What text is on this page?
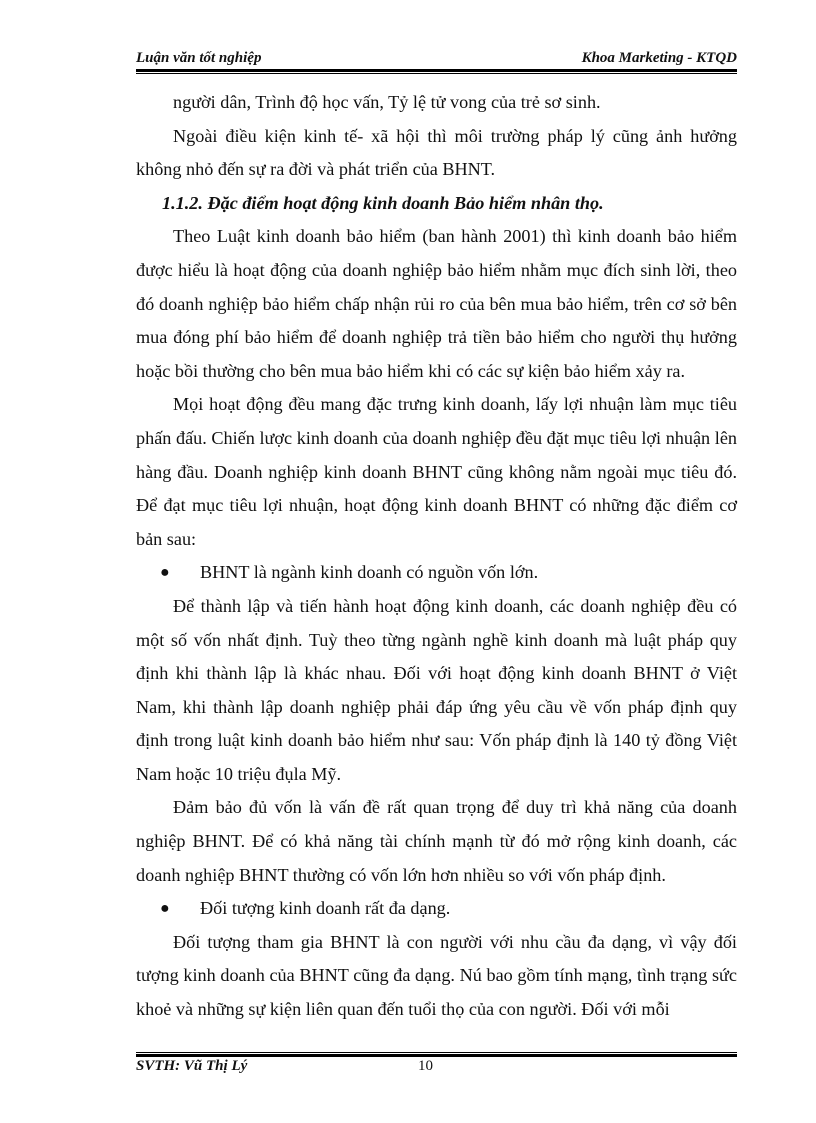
Luận văn tốt nghiệp	Khoa Marketing - KTQD

người dân, Trình độ học vấn, Tỷ lệ tử vong của trẻ sơ sinh.

Ngoài điều kiện kinh tế- xã hội thì môi trường pháp lý cũng ảnh hưởng không nhỏ đến sự ra đời và phát triển của BHNT.

1.1.2. Đặc điểm hoạt động kinh doanh Bảo hiểm nhân thọ.

Theo Luật kinh doanh bảo hiểm (ban hành 2001) thì kinh doanh bảo hiểm được hiểu là hoạt động của doanh nghiệp bảo hiểm nhằm mục đích sinh lời, theo đó doanh nghiệp bảo hiểm chấp nhận rủi ro của bên mua bảo hiểm, trên cơ sở bên mua đóng phí bảo hiểm để doanh nghiệp trả tiền bảo hiểm cho người thụ hưởng hoặc bồi thường cho bên mua bảo hiểm khi có các sự kiện bảo hiểm xảy ra.

Mọi hoạt động đều mang đặc trưng kinh doanh, lấy lợi nhuận làm mục tiêu phấn đấu. Chiến lược kinh doanh của doanh nghiệp đều đặt mục tiêu lợi nhuận lên hàng đầu. Doanh nghiệp kinh doanh BHNT cũng không nằm ngoài mục tiêu đó. Để đạt mục tiêu lợi nhuận, hoạt động kinh doanh BHNT có những đặc điểm cơ bản sau:

●	BHNT là ngành kinh doanh có nguồn vốn lớn.

Để thành lập và tiến hành hoạt động kinh doanh, các doanh nghiệp đều có một số vốn nhất định. Tuỳ theo từng ngành nghề kinh doanh mà luật pháp quy định khi thành lập là khác nhau. Đối với hoạt động kinh doanh BHNT ở Việt Nam, khi thành lập doanh nghiệp phải đáp ứng yêu cầu về vốn pháp định quy định trong luật kinh doanh bảo hiểm như sau: Vốn pháp định là 140 tỷ đồng Việt Nam hoặc 10 triệu đụla Mỹ.

Đảm bảo đủ vốn là vấn đề rất quan trọng để duy trì khả năng của doanh nghiệp BHNT. Để có khả năng tài chính mạnh từ đó mở rộng kinh doanh, các doanh nghiệp BHNT thường có vốn lớn hơn nhiều so với vốn pháp định.

●	Đối tượng kinh doanh rất đa dạng.

Đối tượng tham gia BHNT là con người với nhu cầu đa dạng, vì vậy đối tượng kinh doanh của BHNT cũng đa dạng. Nú bao gồm tính mạng, tình trạng sức khoẻ và những sự kiện liên quan đến tuổi thọ của con người. Đối với mỗi

SVTH: Vũ Thị Lý	10
